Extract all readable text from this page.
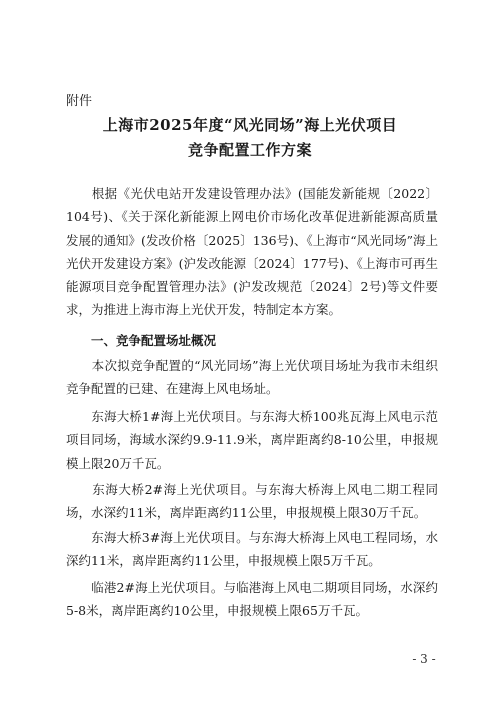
附件
上海市2025年度“风光同场”海上光伏项目
竞争配置工作方案

　　根据《光伏电站开发建设管理办法》(国能发新能规〔2022〕104号)、《关于深化新能源上网电价市场化改革促进新能源高质量发展的通知》(发改价格〔2025〕136号)、《上海市“风光同场”海上光伏开发建设方案》(沪发改能源〔2024〕177号)、《上海市可再生能源项目竞争配置管理办法》(沪发改规范〔2024〕2号)等文件要求，为推进上海市海上光伏开发，特制定本方案。

　　一、竞争配置场址概况

　　本次拟竞争配置的“风光同场”海上光伏项目场址为我市未组织竞争配置的已建、在建海上风电场址。

　　东海大桥1#海上光伏项目。与东海大桥100兆瓦海上风电示范项目同场，海域水深约9.9-11.9米，离岸距离约8-10公里，申报规模上限20万千瓦。

　　东海大桥2#海上光伏项目。与东海大桥海上风电二期工程同场，水深约11米，离岸距离约11公里，申报规模上限30万千瓦。

　　东海大桥3#海上光伏项目。与东海大桥海上风电工程同场，水深约11米，离岸距离约11公里，申报规模上限5万千瓦。

　　临港2#海上光伏项目。与临港海上风电二期项目同场，水深约5-8米，离岸距离约10公里，申报规模上限65万千瓦。

- 3 -
